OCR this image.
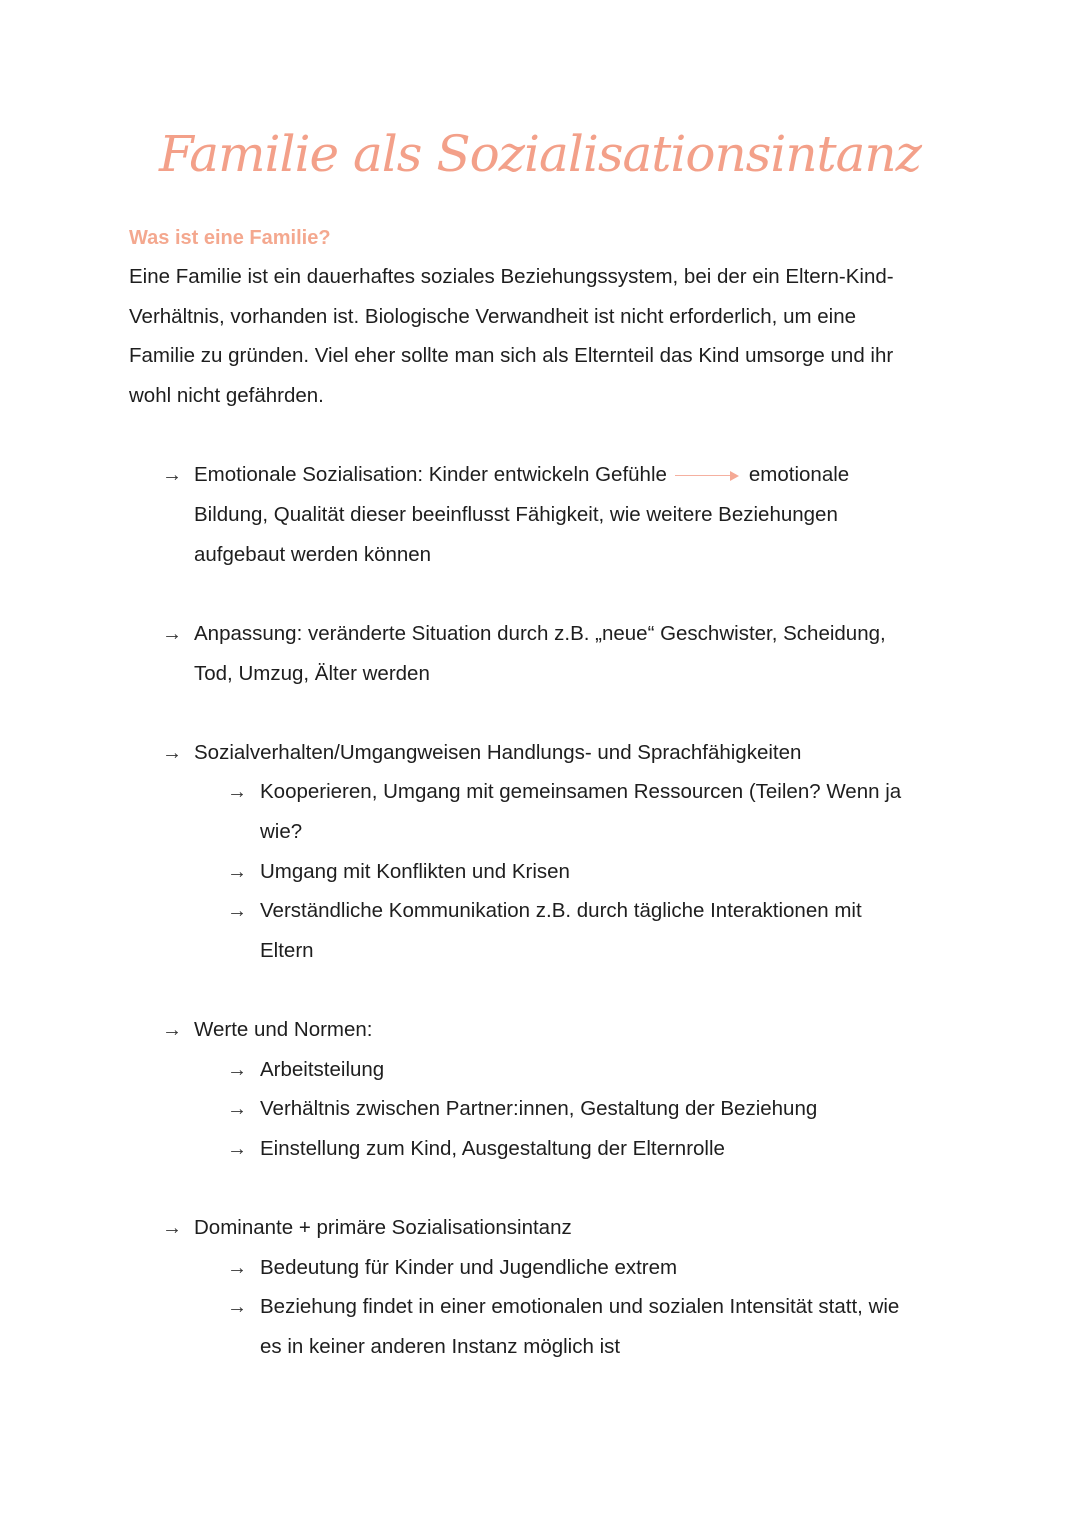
Familie als Sozialisationsintanz
Was ist eine Familie?
Eine Familie ist ein dauerhaftes soziales Beziehungssystem, bei der ein Eltern-Kind-
Verhältnis, vorhanden ist. Biologische Verwandheit ist nicht erforderlich, um eine
Familie zu gründen. Viel eher sollte man sich als Elternteil das Kind umsorge und ihr
wohl nicht gefährden.
→ Emotionale Sozialisation: Kinder entwickeln Gefühle	emotionale
Bildung, Qualität dieser beeinflusst Fähigkeit, wie weitere Beziehungen
aufgebaut werden können
→ Anpassung: veränderte Situation durch z.B. „neue“ Geschwister, Scheidung,
Tod, Umzug, Älter werden
→ Sozialverhalten/Umgangweisen Handlungs- und Sprachfähigkeiten
→ Kooperieren, Umgang mit gemeinsamen Ressourcen (Teilen? Wenn ja
wie?
→ Umgang mit Konflikten und Krisen
→ Verständliche Kommunikation z.B. durch tägliche Interaktionen mit
Eltern
→ Werte und Normen:
→ Arbeitsteilung
→ Verhältnis zwischen Partner:innen, Gestaltung der Beziehung
→ Einstellung zum Kind, Ausgestaltung der Elternrolle
→ Dominante + primäre Sozialisationsintanz
→ Bedeutung für Kinder und Jugendliche extrem
→ Beziehung findet in einer emotionalen und sozialen Intensität statt, wie
es in keiner anderen Instanz möglich ist
